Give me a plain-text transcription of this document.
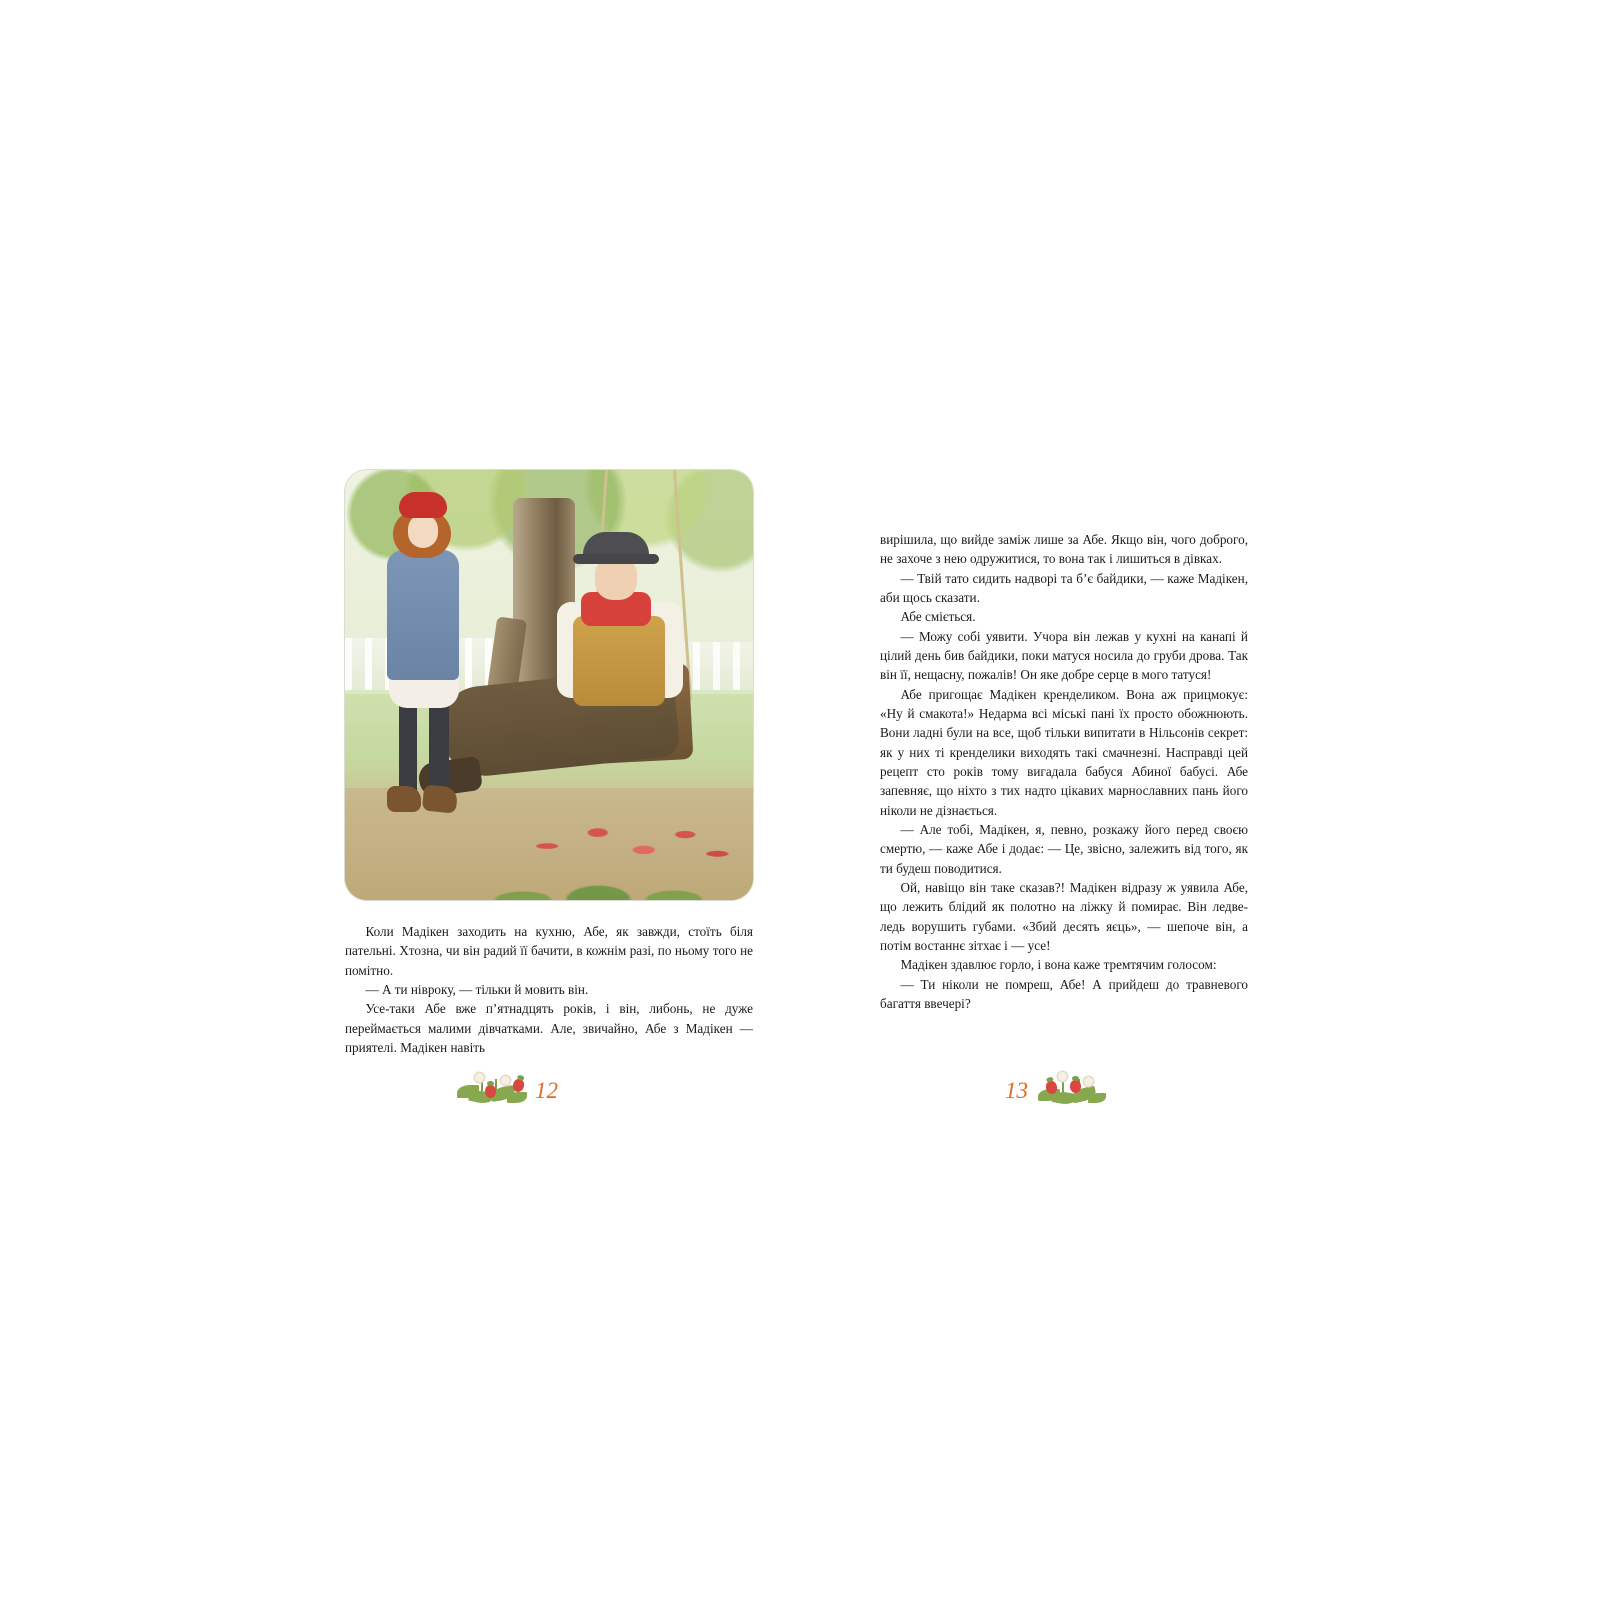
Коли Мадікен заходить на кухню, Абе, як завжди, стоїть біля пательні. Хтозна, чи він радий її бачити, в кожнім разі, по ньому того не помітно.

— А ти нівроку, — тільки й мовить він.

Усе-таки Абе вже п’ятнадцять років, і він, либонь, не дуже переймається малими дівчатками. Але, звичайно, Абе з Мадікен — приятелі. Мадікен навіть

вирішила, що вийде заміж лише за Абе. Якщо він, чого доброго, не захоче з нею одружитися, то вона так і лишиться в дівках.

— Твій тато сидить надворі та б’є байдики, — каже Мадікен, аби щось сказати.

Абе сміється.

— Можу собі уявити. Учора він лежав у кухні на канапі й цілий день бив байдики, поки матуся носила до груби дрова. Так він її, нещасну, пожалів! Он яке добре серце в мого татуся!

Абе пригощає Мадікен кренделиком. Вона аж прицмокує: «Ну й смакота!» Недарма всі міські пані їх просто обожнюють. Вони ладні були на все, щоб тільки випитати в Нільсонів секрет: як у них ті кренделики виходять такі смачнезні. Насправді цей рецепт сто років тому вигадала бабуся Абиної бабусі. Абе запевняє, що ніхто з тих надто цікавих марнославних пань його ніколи не дізнається.

— Але тобі, Мадікен, я, певно, розкажу його перед своєю смертю, — каже Абе і додає: — Це, звісно, залежить від того, як ти будеш поводитися.

Ой, навіщо він таке сказав?! Мадікен відразу ж уявила Абе, що лежить блідий як полотно на ліжку й помирає. Він ледве-ледь ворушить губами. «Збий десять яєць», — шепоче він, а потім востаннє зітхає і — усе!

Мадікен здавлює горло, і вона каже тремтячим голосом:

— Ти ніколи не помреш, Абе! А прийдеш до травневого багаття ввечері?

12	13
